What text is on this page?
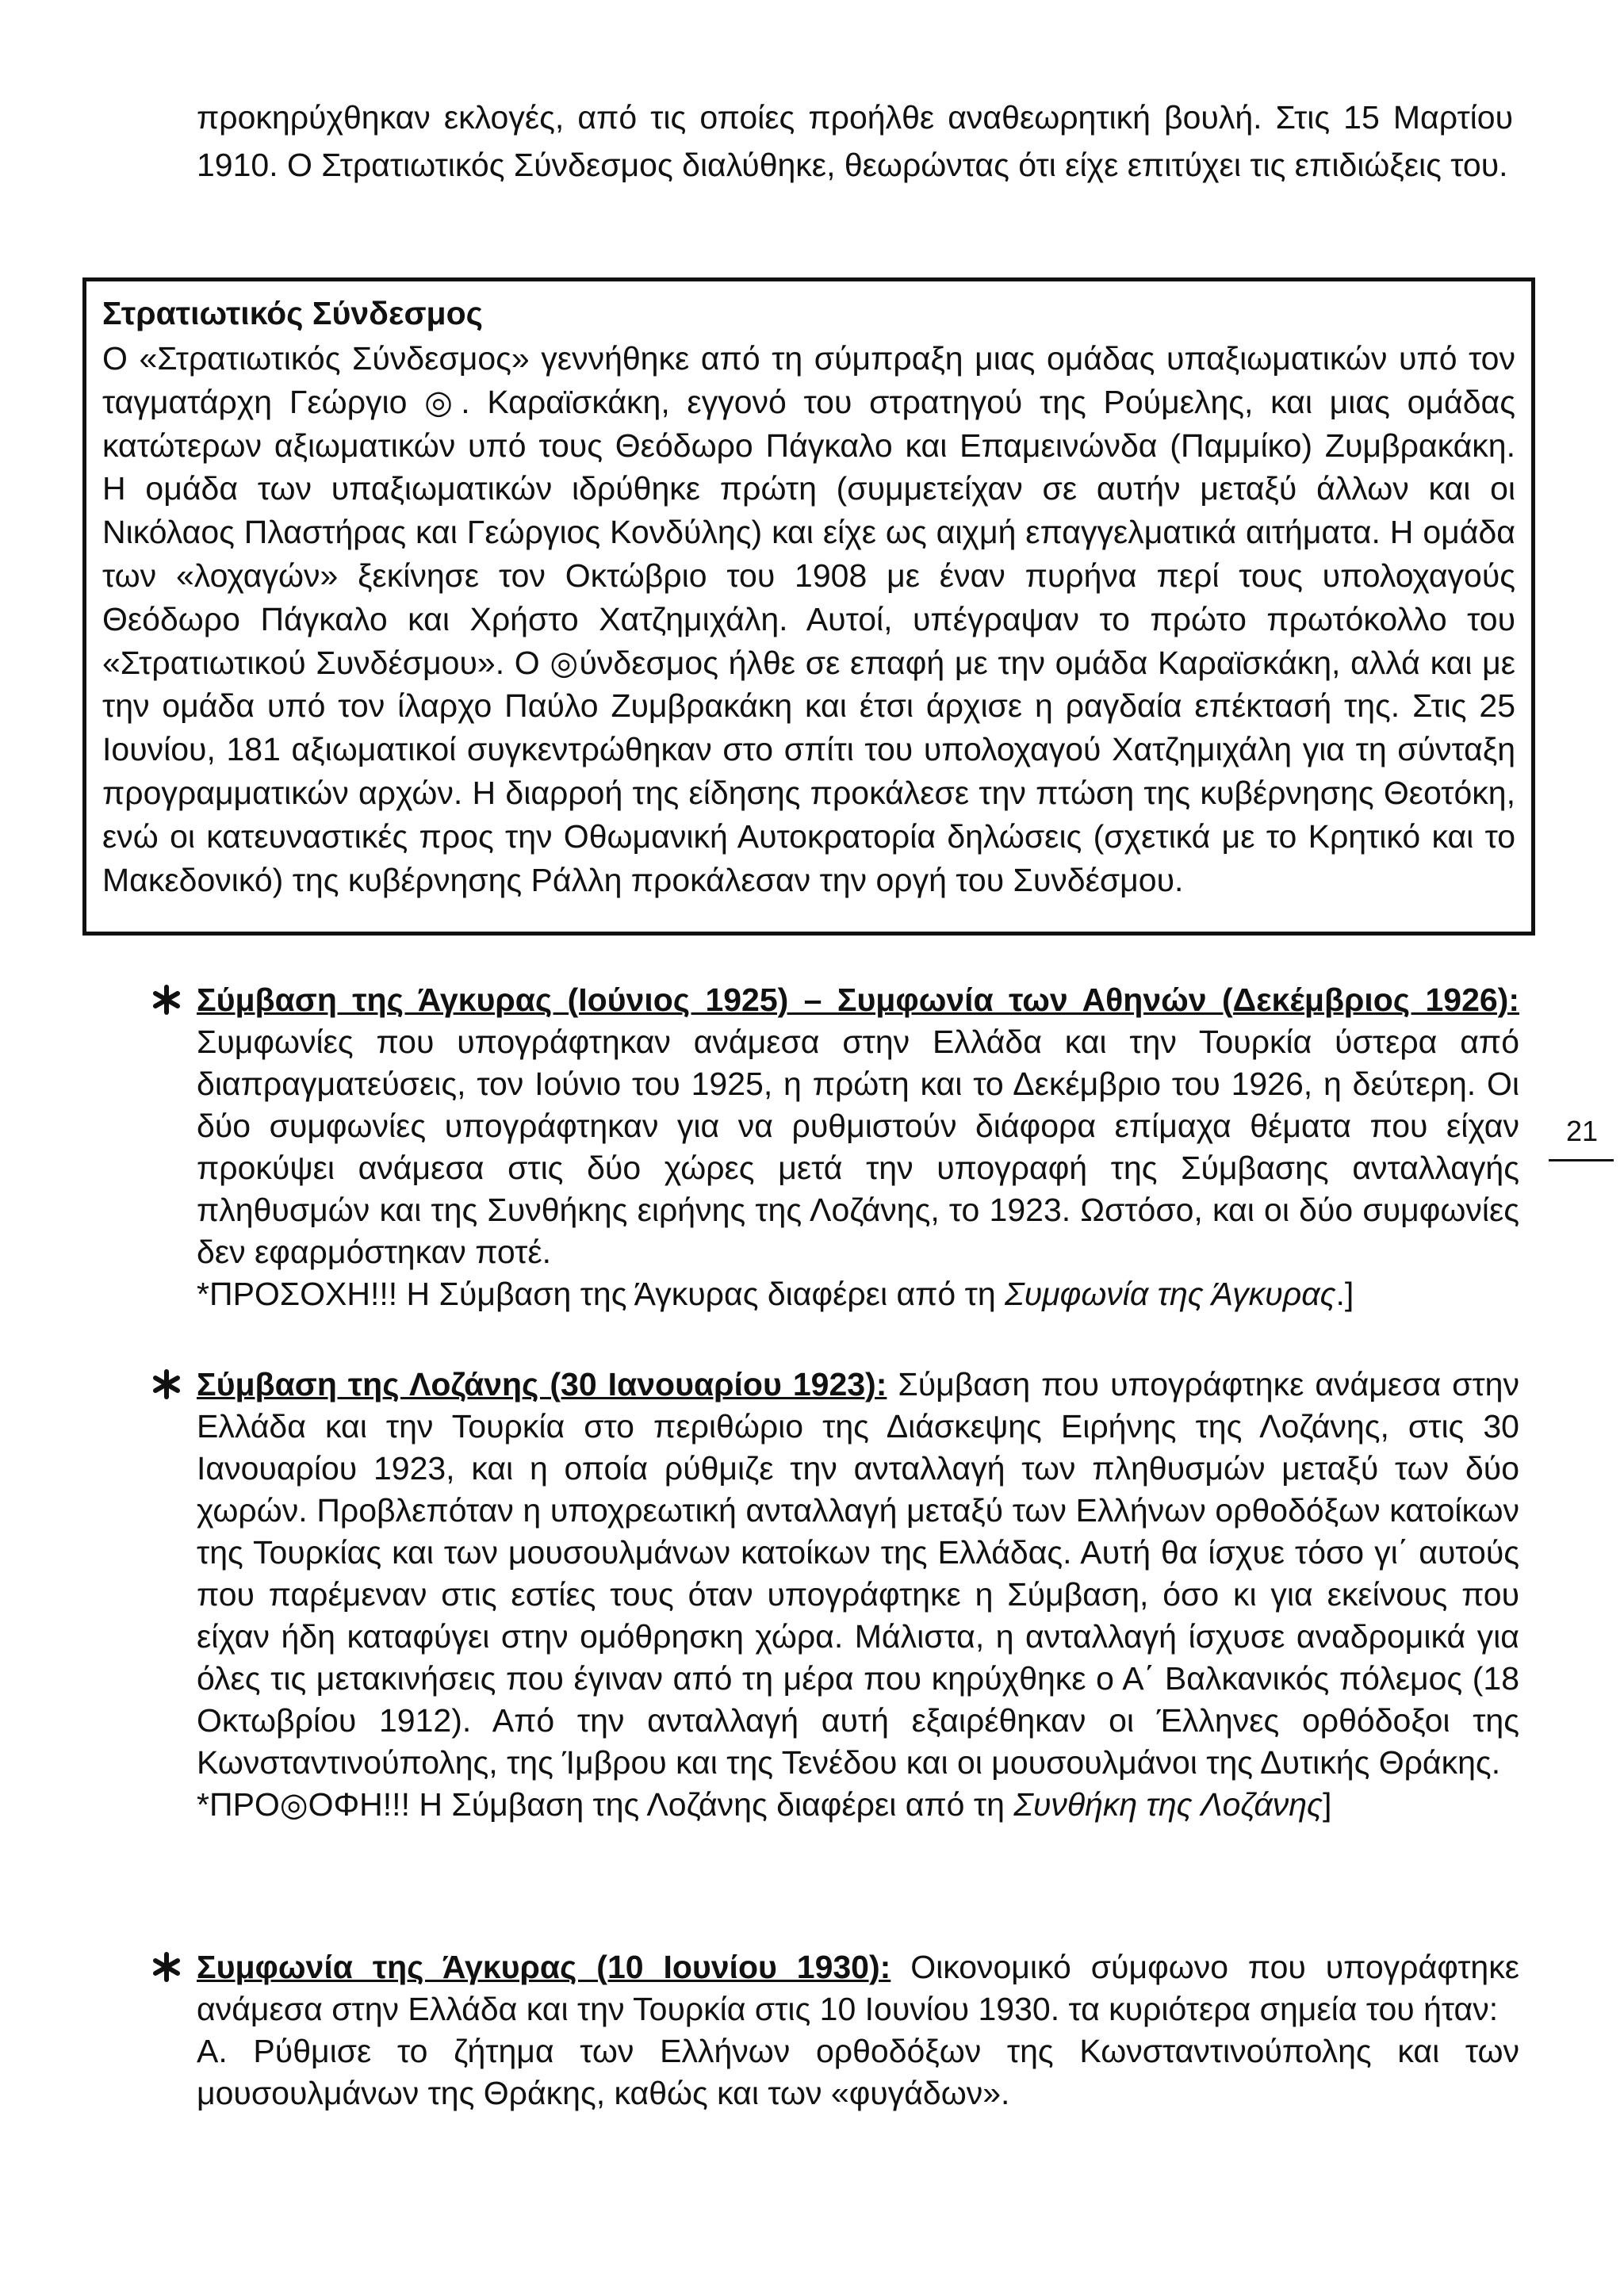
προκηρύχθηκαν εκλογές, από τις οποίες προήλθε αναθεωρητική βουλή. Στις 15 Μαρτίου 1910. Ο Στρατιωτικός Σύνδεσμος διαλύθηκε, θεωρώντας ότι είχε επιτύχει τις επιδιώξεις του.

Στρατιωτικός Σύνδεσμος

Ο «Στρατιωτικός Σύνδεσμος» γεννήθηκε από τη σύμπραξη μιας ομάδας υπαξιωματικών υπό τον ταγματάρχη Γεώργιο ◎. Καραϊσκάκη, εγγονό του στρατηγού της Ρούμελης, και μιας ομάδας κατώτερων αξιωματικών υπό τους Θεόδωρο Πάγκαλο και Επαμεινώνδα (Παμμίκο) Ζυμβρακάκη. Η ομάδα των υπαξιωματικών ιδρύθηκε πρώτη (συμμετείχαν σε αυτήν μεταξύ άλλων και οι Νικόλαος Πλαστήρας και Γεώργιος Κονδύλης) και είχε ως αιχμή επαγγελματικά αιτήματα. Η ομάδα των «λοχαγών» ξεκίνησε τον Οκτώβριο του 1908 με έναν πυρήνα περί τους υπολοχαγούς Θεόδωρο Πάγκαλο και Χρήστο Χατζημιχάλη. Αυτοί, υπέγραψαν το πρώτο πρωτόκολλο του «Στρατιωτικού Συνδέσμου». Ο ◎ύνδεσμος ήλθε σε επαφή με την ομάδα Καραϊσκάκη, αλλά και με την ομάδα υπό τον ίλαρχο Παύλο Ζυμβρακάκη και έτσι άρχισε η ραγδαία επέκτασή της. Στις 25 Ιουνίου, 181 αξιωματικοί συγκεντρώθηκαν στο σπίτι του υπολοχαγού Χατζημιχάλη για τη σύνταξη προγραμματικών αρχών. Η διαρροή της είδησης προκάλεσε την πτώση της κυβέρνησης Θεοτόκη, ενώ οι κατευναστικές προς την Οθωμανική Αυτοκρατορία δηλώσεις (σχετικά με το Κρητικό και το Μακεδονικό) της κυβέρνησης Ράλλη προκάλεσαν την οργή του Συνδέσμου.

Σύμβαση της Άγκυρας (Ιούνιος 1925) – Συμφωνία των Αθηνών (Δεκέμβριος 1926): Συμφωνίες που υπογράφτηκαν ανάμεσα στην Ελλάδα και την Τουρκία ύστερα από διαπραγματεύσεις, τον Ιούνιο του 1925, η πρώτη και το Δεκέμβριο του 1926, η δεύτερη. Οι δύο συμφωνίες υπογράφτηκαν για να ρυθμιστούν διάφορα επίμαχα θέματα που είχαν προκύψει ανάμεσα στις δύο χώρες μετά την υπογραφή της Σύμβασης ανταλλαγής πληθυσμών και της Συνθήκης ειρήνης της Λοζάνης, το 1923. Ωστόσο, και οι δύο συμφωνίες δεν εφαρμόστηκαν ποτέ.

*ΠΡΟΣΟΧΗ!!! Η Σύμβαση της Άγκυρας διαφέρει από τη Συμφωνία της Άγκυρας.]

Σύμβαση της Λοζάνης (30 Ιανουαρίου 1923): Σύμβαση που υπογράφτηκε ανάμεσα στην Ελλάδα και την Τουρκία στο περιθώριο της Διάσκεψης Ειρήνης της Λοζάνης, στις 30 Ιανουαρίου 1923, και η οποία ρύθμιζε την ανταλλαγή των πληθυσμών μεταξύ των δύο χωρών. Προβλεπόταν η υποχρεωτική ανταλλαγή μεταξύ των Ελλήνων ορθοδόξων κατοίκων της Τουρκίας και των μουσουλμάνων κατοίκων της Ελλάδας. Αυτή θα ίσχυε τόσο γι΄ αυτούς που παρέμεναν στις εστίες τους όταν υπογράφτηκε η Σύμβαση, όσο κι για εκείνους που είχαν ήδη καταφύγει στην ομόθρησκη χώρα. Μάλιστα, η ανταλλαγή ίσχυσε αναδρομικά για όλες τις μετακινήσεις που έγιναν από τη μέρα που κηρύχθηκε ο Α΄ Βαλκανικός πόλεμος (18 Οκτωβρίου 1912). Από την ανταλλαγή αυτή εξαιρέθηκαν οι Έλληνες ορθόδοξοι της Κωνσταντινούπολης, της Ίμβρου και της Τενέδου και οι μουσουλμάνοι της Δυτικής Θράκης.

*ΠΡΟ◎ΟΦΗ!!! Η Σύμβαση της Λοζάνης διαφέρει από τη Συνθήκη της Λοζάνης]

Συμφωνία της Άγκυρας (10 Ιουνίου 1930): Οικονομικό σύμφωνο που υπογράφτηκε ανάμεσα στην Ελλάδα και την Τουρκία στις 10 Ιουνίου 1930. τα κυριότερα σημεία του ήταν:

Α. Ρύθμισε το ζήτημα των Ελλήνων ορθοδόξων της Κωνσταντινούπολης και των μουσουλμάνων της Θράκης, καθώς και των «φυγάδων».

21
